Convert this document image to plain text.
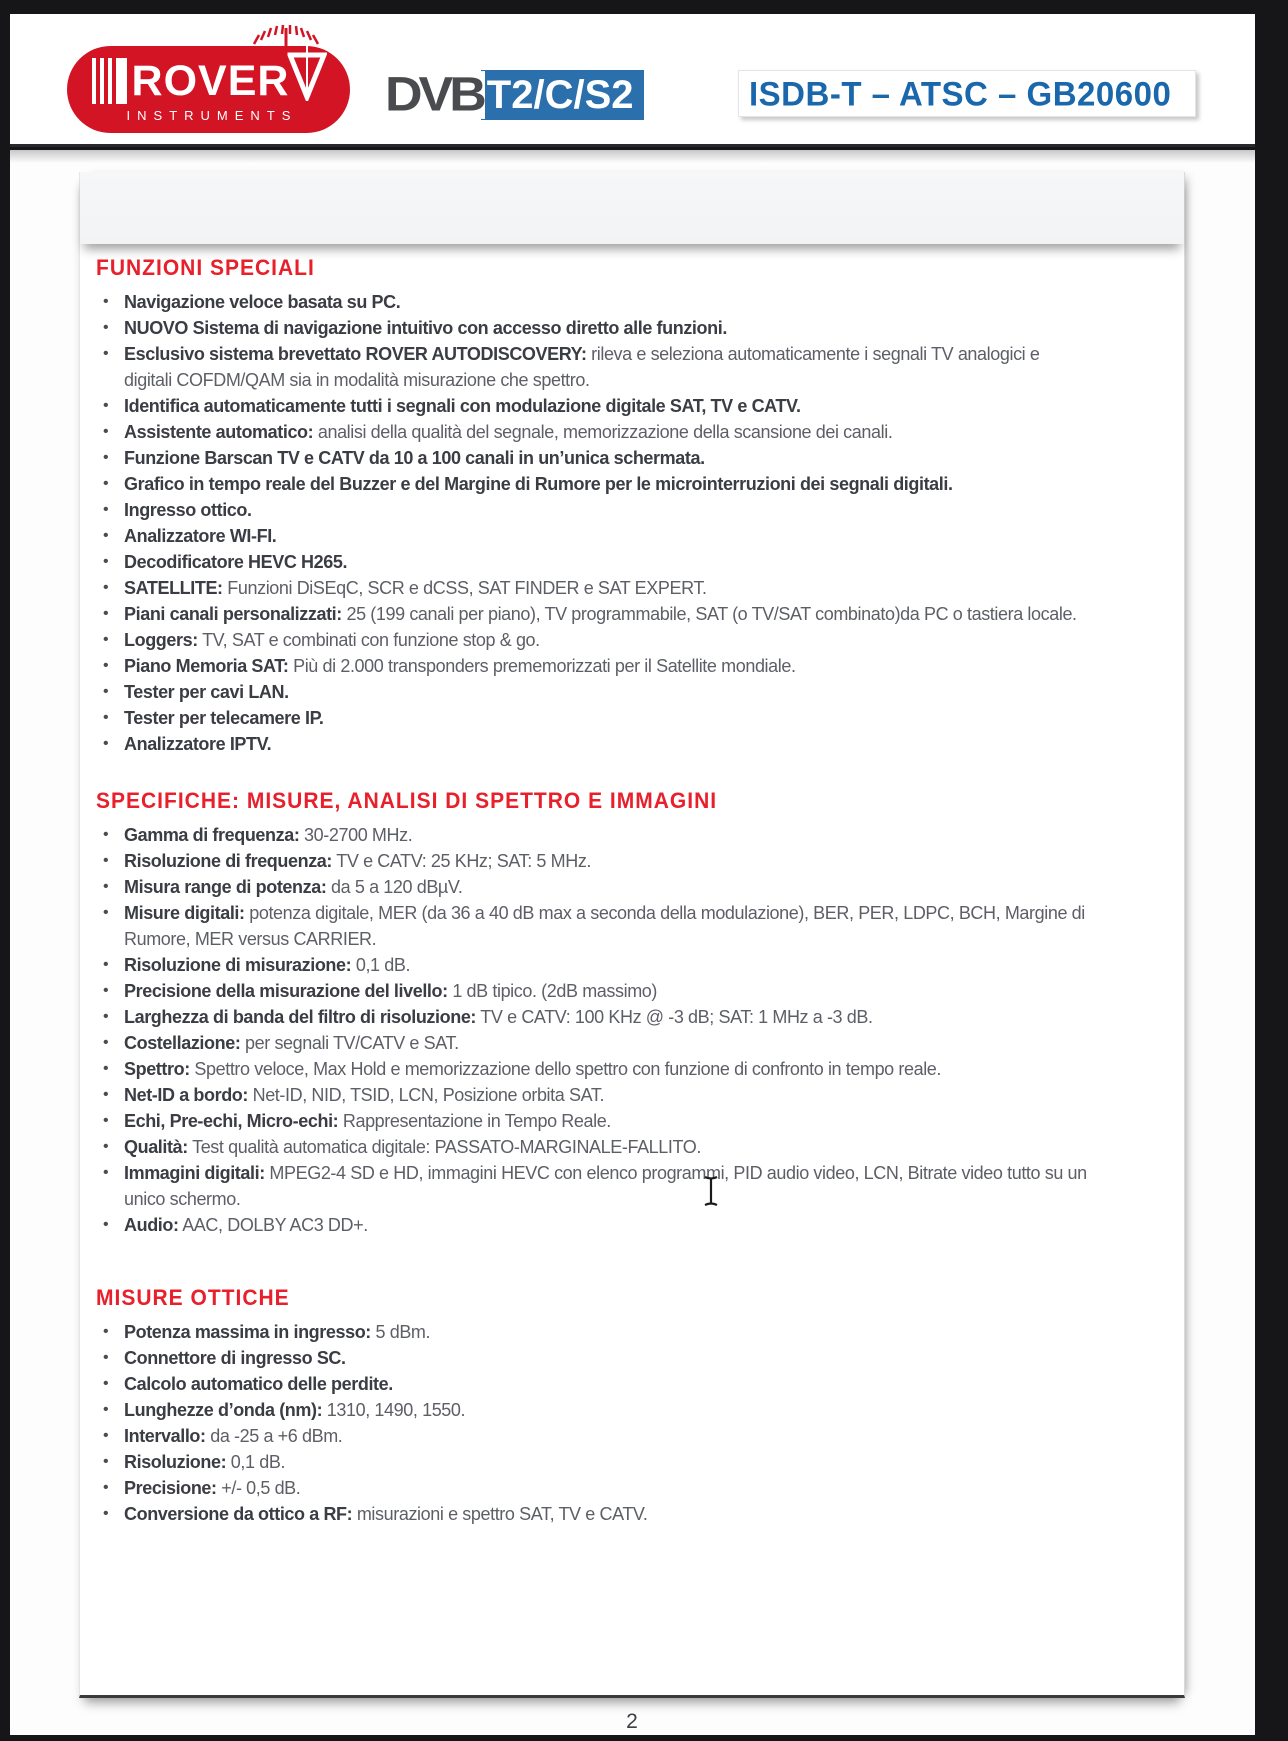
ROVER
INSTRUMENTS DVB T2/C/S2	ISDB-T – ATSC – GB20600
FUNZIONI SPECIALI
• Navigazione veloce basata su PC.
• NUOVO Sistema di navigazione intuitivo con accesso diretto alle funzioni.
• Esclusivo sistema brevettato ROVER AUTODISCOVERY: rileva e seleziona automaticamente i segnali TV analogici e digitali COFDM/QAM sia in modalità misurazione che spettro.
• Identifica automaticamente tutti i segnali con modulazione digitale SAT, TV e CATV.
• Assistente automatico: analisi della qualità del segnale, memorizzazione della scansione dei canali.
• Funzione Barscan TV e CATV da 10 a 100 canali in un’unica schermata.
• Grafico in tempo reale del Buzzer e del Margine di Rumore per le microinterruzioni dei segnali digitali.
• Ingresso ottico.
• Analizzatore WI-FI.
• Decodificatore HEVC H265.
• SATELLITE: Funzioni DiSEqC, SCR e dCSS, SAT FINDER e SAT EXPERT.
• Piani canali personalizzati: 25 (199 canali per piano), TV programmabile, SAT (o TV/SAT combinato)da PC o tastiera locale.
• Loggers: TV, SAT e combinati con funzione stop & go.
• Piano Memoria SAT: Più di 2.000 transponders prememorizzati per il Satellite mondiale.
• Tester per cavi LAN.
• Tester per telecamere IP.
• Analizzatore IPTV.
SPECIFICHE: MISURE, ANALISI DI SPETTRO E IMMAGINI
• Gamma di frequenza: 30-2700 MHz.
• Risoluzione di frequenza: TV e CATV: 25 KHz; SAT: 5 MHz.
• Misura range di potenza: da 5 a 120 dBµV.
• Misure digitali: potenza digitale, MER (da 36 a 40 dB max a seconda della modulazione), BER, PER, LDPC, BCH, Margine di Rumore, MER versus CARRIER.
• Risoluzione di misurazione: 0,1 dB.
• Precisione della misurazione del livello: 1 dB tipico. (2dB massimo)
• Larghezza di banda del filtro di risoluzione: TV e CATV: 100 KHz @ -3 dB; SAT: 1 MHz a -3 dB.
• Costellazione: per segnali TV/CATV e SAT.
• Spettro: Spettro veloce, Max Hold e memorizzazione dello spettro con funzione di confronto in tempo reale.
• Net-ID a bordo: Net-ID, NID, TSID, LCN, Posizione orbita SAT.
• Echi, Pre-echi, Micro-echi: Rappresentazione in Tempo Reale.
• Qualità: Test qualità automatica digitale: PASSATO-MARGINALE-FALLITO.
• Immagini digitali: MPEG2-4 SD e HD, immagini HEVC con elenco programmi, PID audio video, LCN, Bitrate video tutto su un unico schermo.
• Audio: AAC, DOLBY AC3 DD+.
MISURE OTTICHE
• Potenza massima in ingresso: 5 dBm.
• Connettore di ingresso SC.
• Calcolo automatico delle perdite.
• Lunghezze d’onda (nm): 1310, 1490, 1550.
• Intervallo: da -25 a +6 dBm.
• Risoluzione: 0,1 dB.
• Precisione: +/- 0,5 dB.
• Conversione da ottico a RF: misurazioni e spettro SAT, TV e CATV.
2
